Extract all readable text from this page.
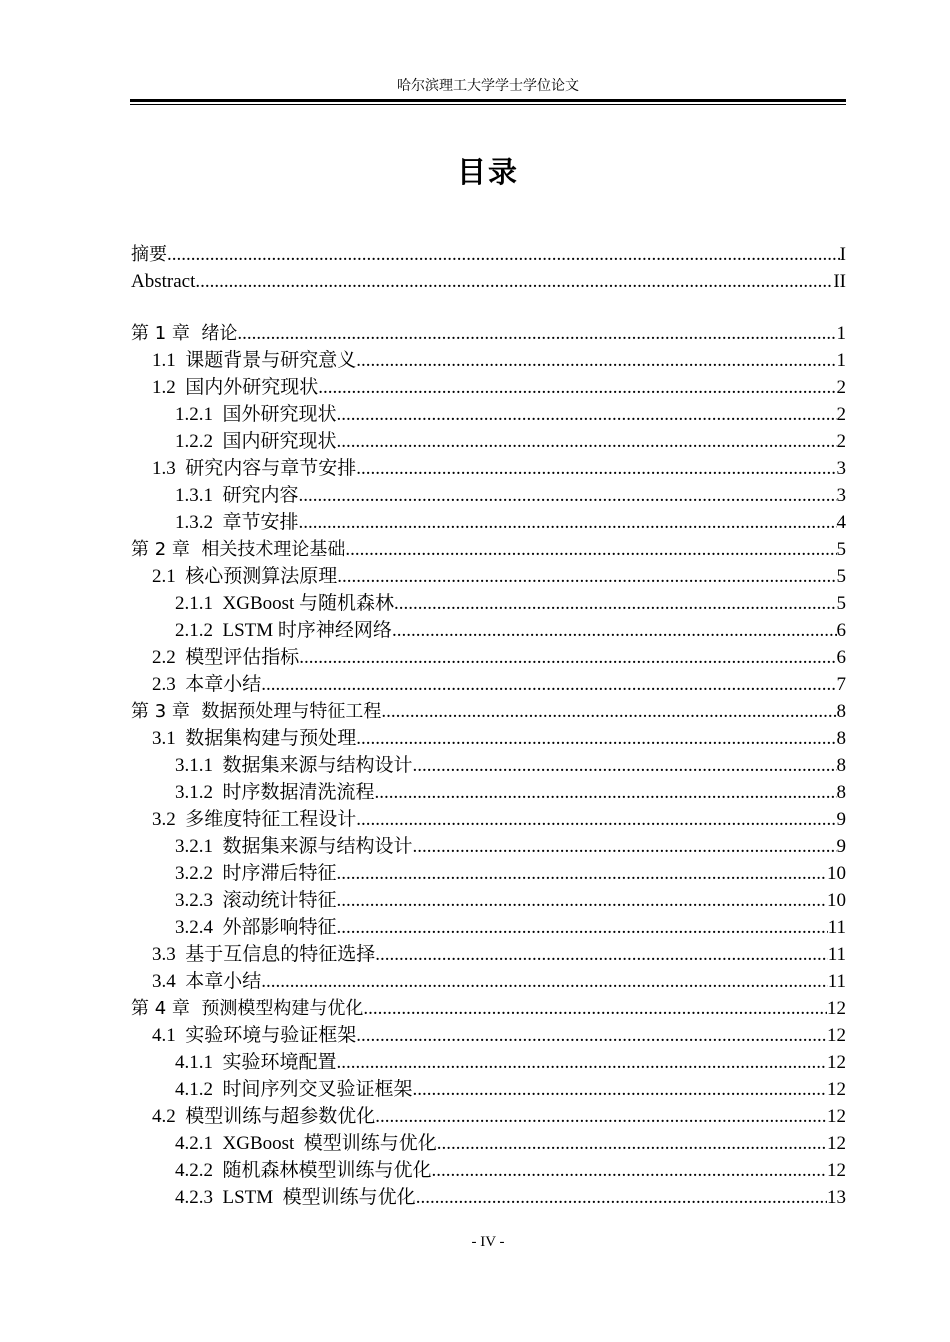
哈尔滨理工大学学士学位论文
目录
摘要 .....	I
Abstract .....	II
第 1 章 绪论 .....	1
1.1 课题背景与研究意义 .....	1
1.2 国内外研究现状 .....	2
1.2.1 国外研究现状 .....	2
1.2.2 国内研究现状 .....	2
1.3 研究内容与章节安排 .....	3
1.3.1 研究内容 .....	3
1.3.2 章节安排 .....	4
第 2 章 相关技术理论基础 .....	5
2.1 核心预测算法原理 .....	5
2.1.1 XGBoost 与随机森林 .....	5
2.1.2 LSTM 时序神经网络 .....	6
2.2 模型评估指标 .....	6
2.3 本章小结 .....	7
第 3 章 数据预处理与特征工程 .....	8
3.1 数据集构建与预处理 .....	8
3.1.1 数据集来源与结构设计 .....	8
3.1.2 时序数据清洗流程 .....	8
3.2 多维度特征工程设计 .....	9
3.2.1 数据集来源与结构设计 .....	9
3.2.2 时序滞后特征 .....	10
3.2.3 滚动统计特征 .....	10
3.2.4 外部影响特征 .....	11
3.3 基于互信息的特征选择 .....	11
3.4 本章小结 .....	11
第 4 章 预测模型构建与优化 .....	12
4.1 实验环境与验证框架 .....	12
4.1.1 实验环境配置 .....	12
4.1.2 时间序列交叉验证框架 .....	12
4.2 模型训练与超参数优化 .....	12
4.2.1 XGBoost  模型训练与优化 .....	12
4.2.2 随机森林模型训练与优化 .....	12
4.2.3 LSTM  模型训练与优化 .....	13
- IV -
